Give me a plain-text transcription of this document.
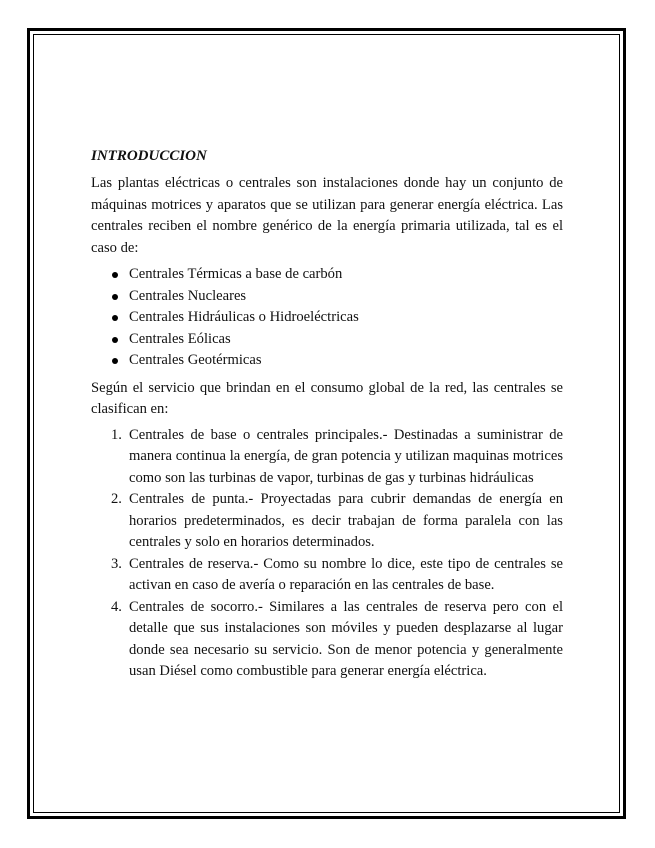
INTRODUCCION

Las plantas eléctricas o centrales son instalaciones donde hay un conjunto de máquinas motrices y aparatos que se utilizan para generar energía eléctrica. Las centrales reciben el nombre genérico de la energía primaria utilizada, tal es el caso de:

Centrales Térmicas a base de carbón
Centrales Nucleares
Centrales Hidráulicas o Hidroeléctricas
Centrales Eólicas
Centrales Geotérmicas

Según el servicio que brindan en el consumo global de la red, las centrales se clasifican en:

1. Centrales de base o centrales principales.- Destinadas a suministrar de manera continua la energía, de gran potencia y utilizan maquinas motrices como son las turbinas de vapor, turbinas de gas y turbinas hidráulicas
2. Centrales de punta.- Proyectadas para cubrir demandas de energía en horarios predeterminados, es decir trabajan de forma paralela con las centrales y solo en horarios determinados.
3. Centrales de reserva.- Como su nombre lo dice, este tipo de centrales se activan en caso de avería o reparación en las centrales de base.
4. Centrales de socorro.- Similares a las centrales de reserva pero con el detalle que sus instalaciones son móviles y pueden desplazarse al lugar donde sea necesario su servicio. Son de menor potencia y generalmente usan Diésel como combustible para generar energía eléctrica.
